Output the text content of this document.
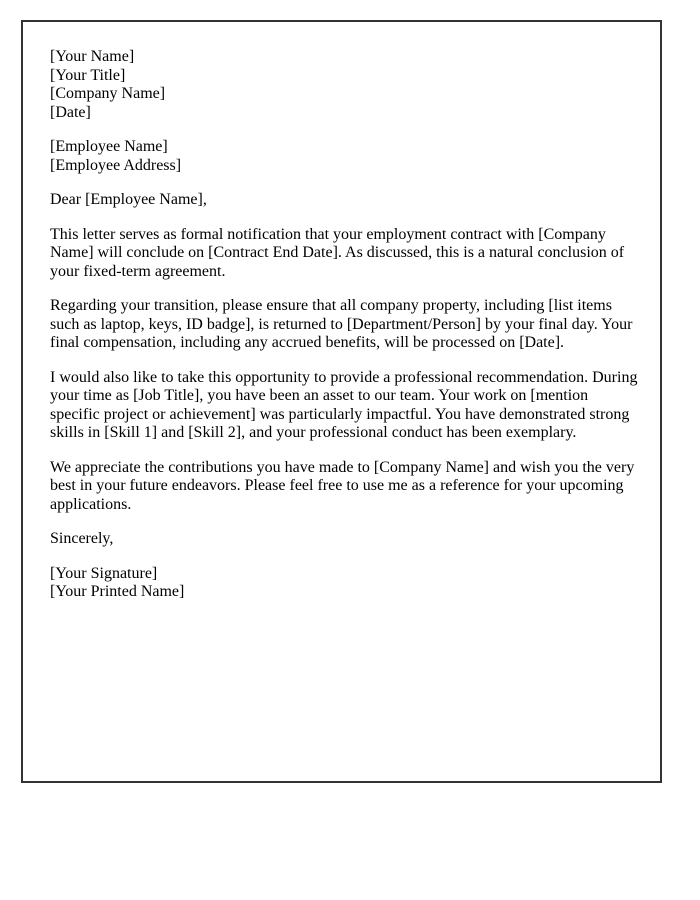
[Your Name]
[Your Title]
[Company Name]
[Date]

[Employee Name]
[Employee Address]

Dear [Employee Name],

This letter serves as formal notification that your employment contract with [Company Name] will conclude on [Contract End Date]. As discussed, this is a natural conclusion of your fixed-term agreement.

Regarding your transition, please ensure that all company property, including [list items such as laptop, keys, ID badge], is returned to [Department/Person] by your final day. Your final compensation, including any accrued benefits, will be processed on [Date].

I would also like to take this opportunity to provide a professional recommendation. During your time as [Job Title], you have been an asset to our team. Your work on [mention specific project or achievement] was particularly impactful. You have demonstrated strong skills in [Skill 1] and [Skill 2], and your professional conduct has been exemplary.

We appreciate the contributions you have made to [Company Name] and wish you the very best in your future endeavors. Please feel free to use me as a reference for your upcoming applications.

Sincerely,

[Your Signature]
[Your Printed Name]
